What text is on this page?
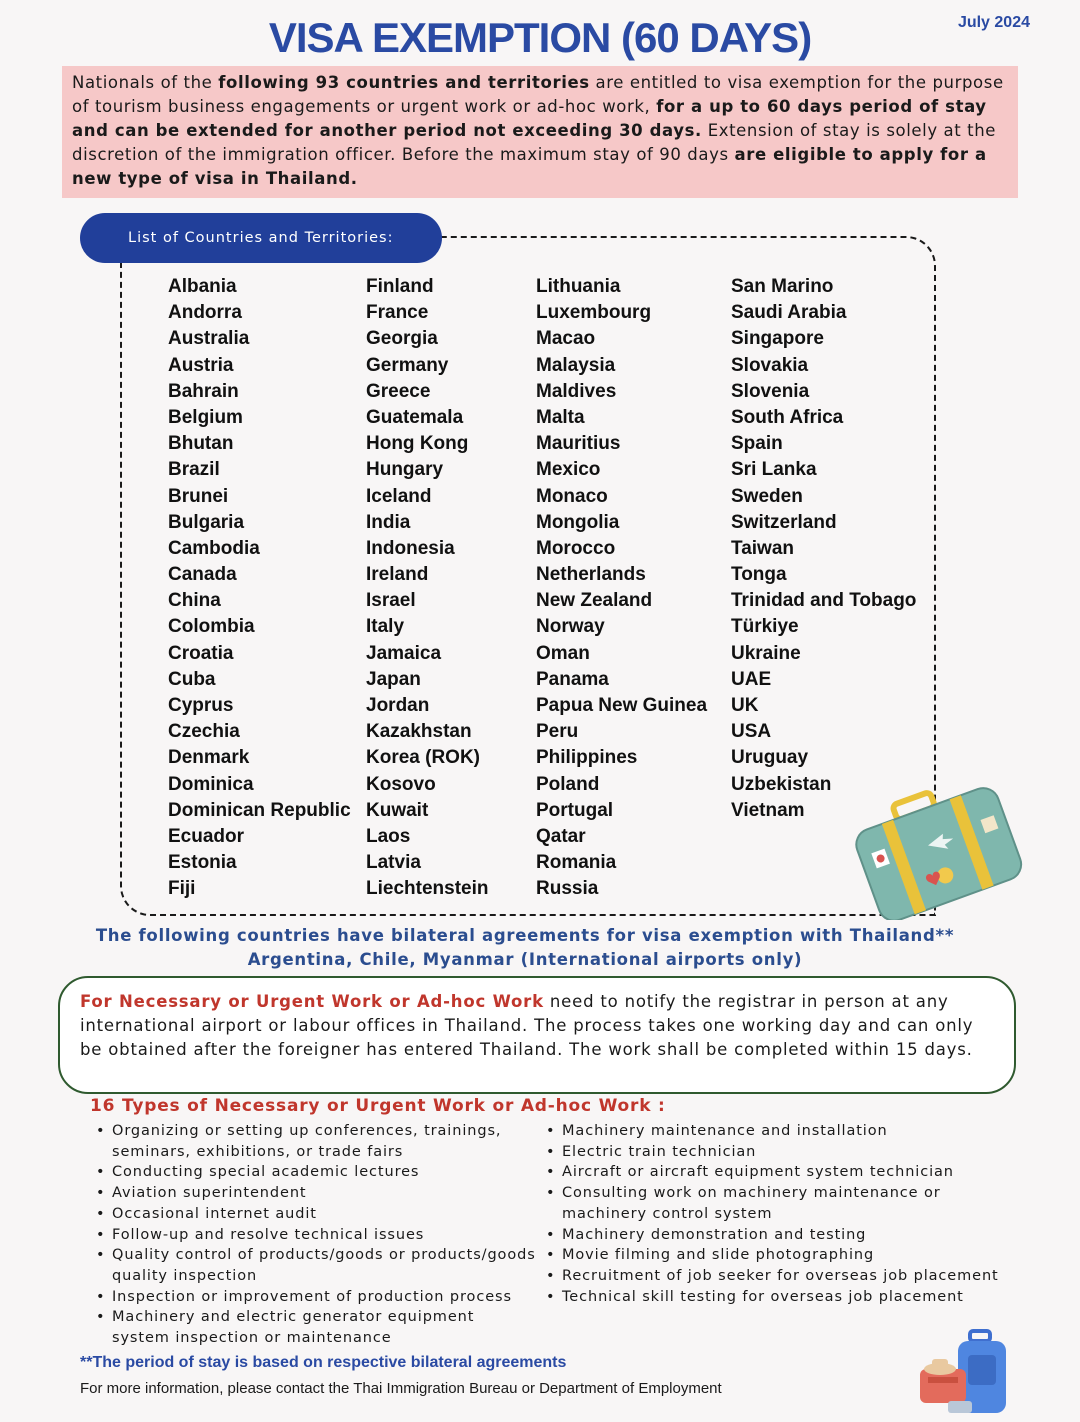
VISA EXEMPTION (60 DAYS)	July 2024
Nationals of the following 93 countries and territories are entitled to visa exemption for the purpose of tourism business engagements or urgent work or ad-hoc work, for a up to 60 days period of stay and can be extended for another period not exceeding 30 days. Extension of stay is solely at the discretion of the immigration officer. Before the maximum stay of 90 days are eligible to apply for a new type of visa in Thailand.
List of Countries and Territories:
Albania
Andorra
Australia
Austria
Bahrain
Belgium
Bhutan
Brazil
Brunei
Bulgaria
Cambodia
Canada
China
Colombia
Croatia
Cuba
Cyprus
Czechia
Denmark
Dominica
Dominican Republic
Ecuador
Estonia
Fiji
Finland
France
Georgia
Germany
Greece
Guatemala
Hong Kong
Hungary
Iceland
India
Indonesia
Ireland
Israel
Italy
Jamaica
Japan
Jordan
Kazakhstan
Korea (ROK)
Kosovo
Kuwait
Laos
Latvia
Liechtenstein
Lithuania
Luxembourg
Macao
Malaysia
Maldives
Malta
Mauritius
Mexico
Monaco
Mongolia
Morocco
Netherlands
New Zealand
Norway
Oman
Panama
Papua New Guinea
Peru
Philippines
Poland
Portugal
Qatar
Romania
Russia
San Marino
Saudi Arabia
Singapore
Slovakia
Slovenia
South Africa
Spain
Sri Lanka
Sweden
Switzerland
Taiwan
Tonga
Trinidad and Tobago
Türkiye
Ukraine
UAE
UK
USA
Uruguay
Uzbekistan
Vietnam
The following countries have bilateral agreements for visa exemption with Thailand**
Argentina, Chile, Myanmar (International airports only)
For Necessary or Urgent Work or Ad-hoc Work need to notify the registrar in person at any international airport or labour offices in Thailand. The process takes one working day and can only be obtained after the foreigner has entered Thailand. The work shall be completed within 15 days.
16 Types of Necessary or Urgent Work or Ad-hoc Work :
• Organizing or setting up conferences, trainings, seminars, exhibitions, or trade fairs
• Conducting special academic lectures
• Aviation superintendent
• Occasional internet audit
• Follow-up and resolve technical issues
• Quality control of products/goods or products/goods quality inspection
• Inspection or improvement of production process
• Machinery and electric generator equipment system inspection or maintenance
• Machinery maintenance and installation
• Electric train technician
• Aircraft or aircraft equipment system technician
• Consulting work on machinery maintenance or machinery control system
• Machinery demonstration and testing
• Movie filming and slide photographing
• Recruitment of job seeker for overseas job placement
• Technical skill testing for overseas job placement
**The period of stay is based on respective bilateral agreements
For more information, please contact the Thai Immigration Bureau or Department of Employment
